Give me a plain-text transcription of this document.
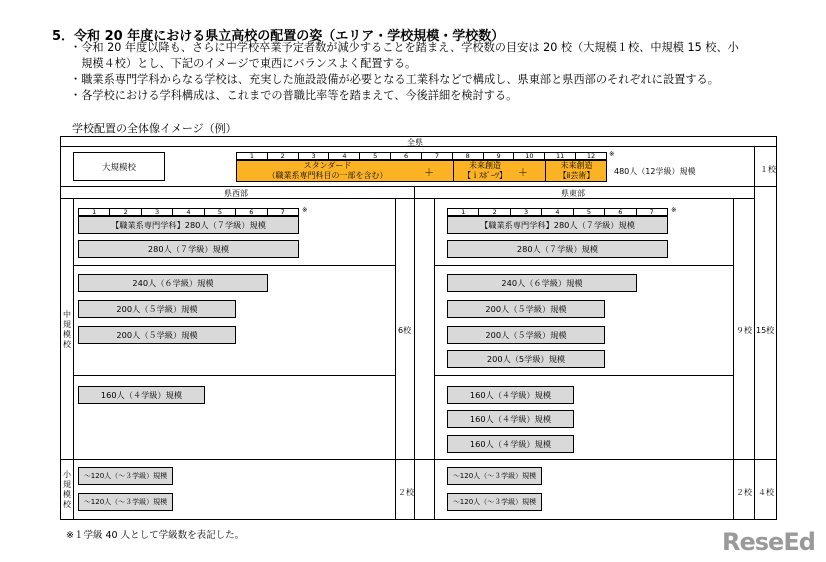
5．令和 20 年度における県立高校の配置の姿（エリア・学校規模・学校数）
・令和 20 年度以降も、さらに中学校卒業予定者数が減少することを踏まえ、学校数の目安は 20 校（大規模１校、中規模 15 校、小
　規模４校）とし、下記のイメージで東西にバランスよく配置する。
・職業系専門学科からなる学校は、充実した施設設備が必要となる工業科などで構成し、県東部と県西部のそれぞれに設置する。
・各学校における学科構成は、これまでの普職比率等を踏まえて、今後詳細を検討する。
学校配置の全体像イメージ（例）
全県
大規模校
1	2	3	4	5	6	7	8	9	10	11	12	※
スタンダード
（職業系専門科目の一部を含む）	＋
未来創造
【ｉｽﾎﾟｰﾂ】	＋
未来創造
【ⅱ芸術】	480人（12学級）規模	１校
県西部	県東部
中
規
模
校
小
規
模
校
1	2	3	4	5	6	7	※	1	2	3	4	5	6	7	※
【職業系専門学科】280人（７学級）規模
280人（７学級）規模
240人（６学級）規模
200人（５学級）規模
200人（５学級）規模
160人（４学級）規模
【職業系専門学科】280人（７学級）規模
280人（７学級）規模
240人（６学級）規模
200人（５学級）規模
200人（５学級）規模
200人（5学級）規模
160人（４学級）規模
160人（４学級）規模
160人（４学級）規模
～120人（～３学級）規模
～120人（～３学級）規模
～120人（～３学級）規模
～120人（～３学級）規模
6校	９校 15校
２校	２校 ４校
※１学級 40 人として学級数を表記した。	ReseEd
